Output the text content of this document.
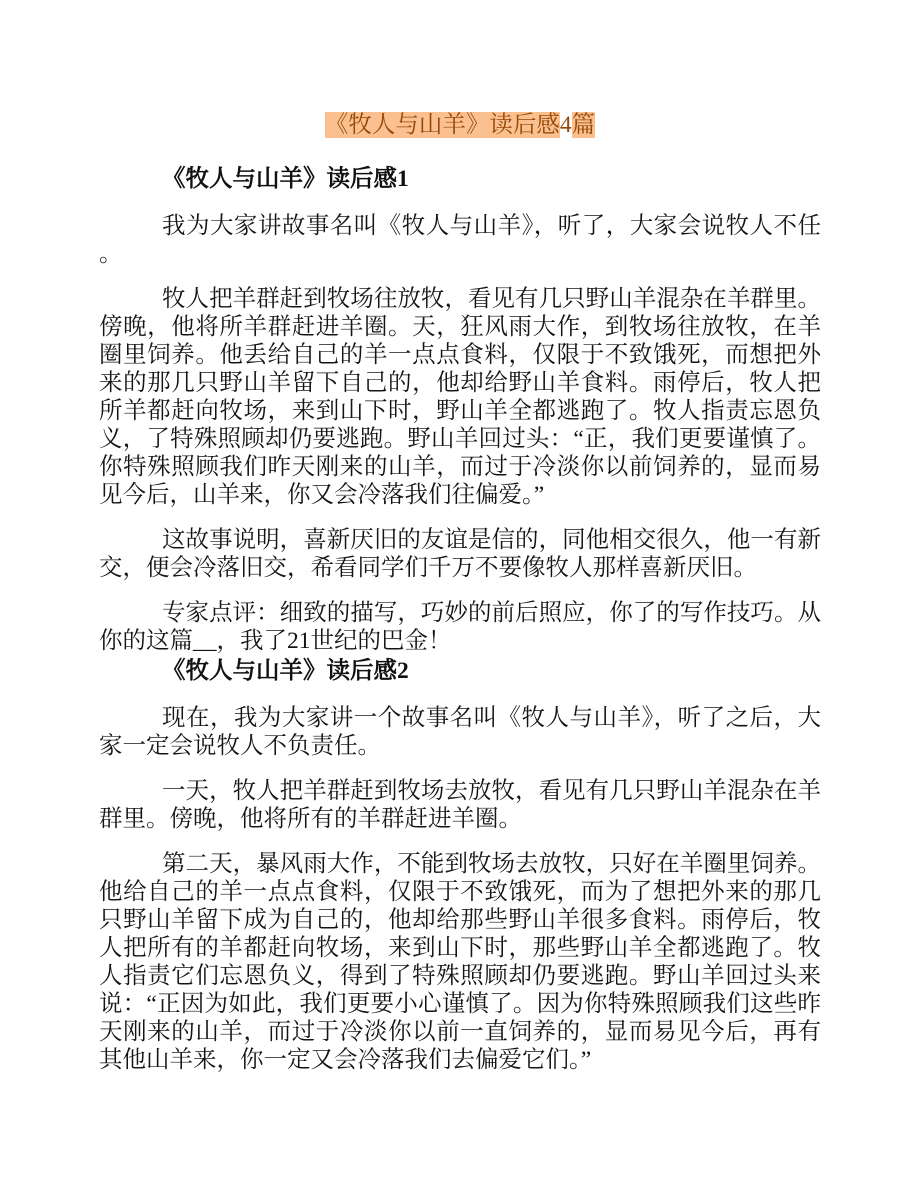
《牧人与山羊》读后感4篇
《牧人与山羊》读后感1

我为大家讲故事名叫《牧人与山羊》，听了，大家会说牧人不任。

牧人把羊群赶到牧场往放牧，看见有几只野山羊混杂在羊群里。傍晚，他将所羊群赶进羊圈。天，狂风雨大作，到牧场往放牧，在羊圈里饲养。他丢给自己的羊一点点食料，仅限于不致饿死，而想把外来的那几只野山羊留下自己的，他却给野山羊食料。雨停后，牧人把所羊都赶向牧场，来到山下时，野山羊全都逃跑了。牧人指责忘恩负义，了特殊照顾却仍要逃跑。野山羊回过头：“正，我们更要谨慎了。你特殊照顾我们昨天刚来的山羊，而过于冷淡你以前饲养的，显而易见今后，山羊来，你又会冷落我们往偏爱。”

这故事说明，喜新厌旧的友谊是信的，同他相交很久，他一有新交，便会冷落旧交，希看同学们千万不要像牧人那样喜新厌旧。

专家点评：细致的描写，巧妙的前后照应，你了的写作技巧。从你的这篇__，我了21世纪的巴金！

《牧人与山羊》读后感2

现在，我为大家讲一个故事名叫《牧人与山羊》，听了之后，大家一定会说牧人不负责任。

一天，牧人把羊群赶到牧场去放牧，看见有几只野山羊混杂在羊群里。傍晚，他将所有的羊群赶进羊圈。

第二天，暴风雨大作，不能到牧场去放牧，只好在羊圈里饲养。他给自己的羊一点点食料，仅限于不致饿死，而为了想把外来的那几只野山羊留下成为自己的，他却给那些野山羊很多食料。雨停后，牧人把所有的羊都赶向牧场，来到山下时，那些野山羊全都逃跑了。牧人指责它们忘恩负义，得到了特殊照顾却仍要逃跑。野山羊回过头来说：“正因为如此，我们更要小心谨慎了。因为你特殊照顾我们这些昨天刚来的山羊，而过于冷淡你以前一直饲养的，显而易见今后，再有其他山羊来，你一定又会冷落我们去偏爱它们。”
